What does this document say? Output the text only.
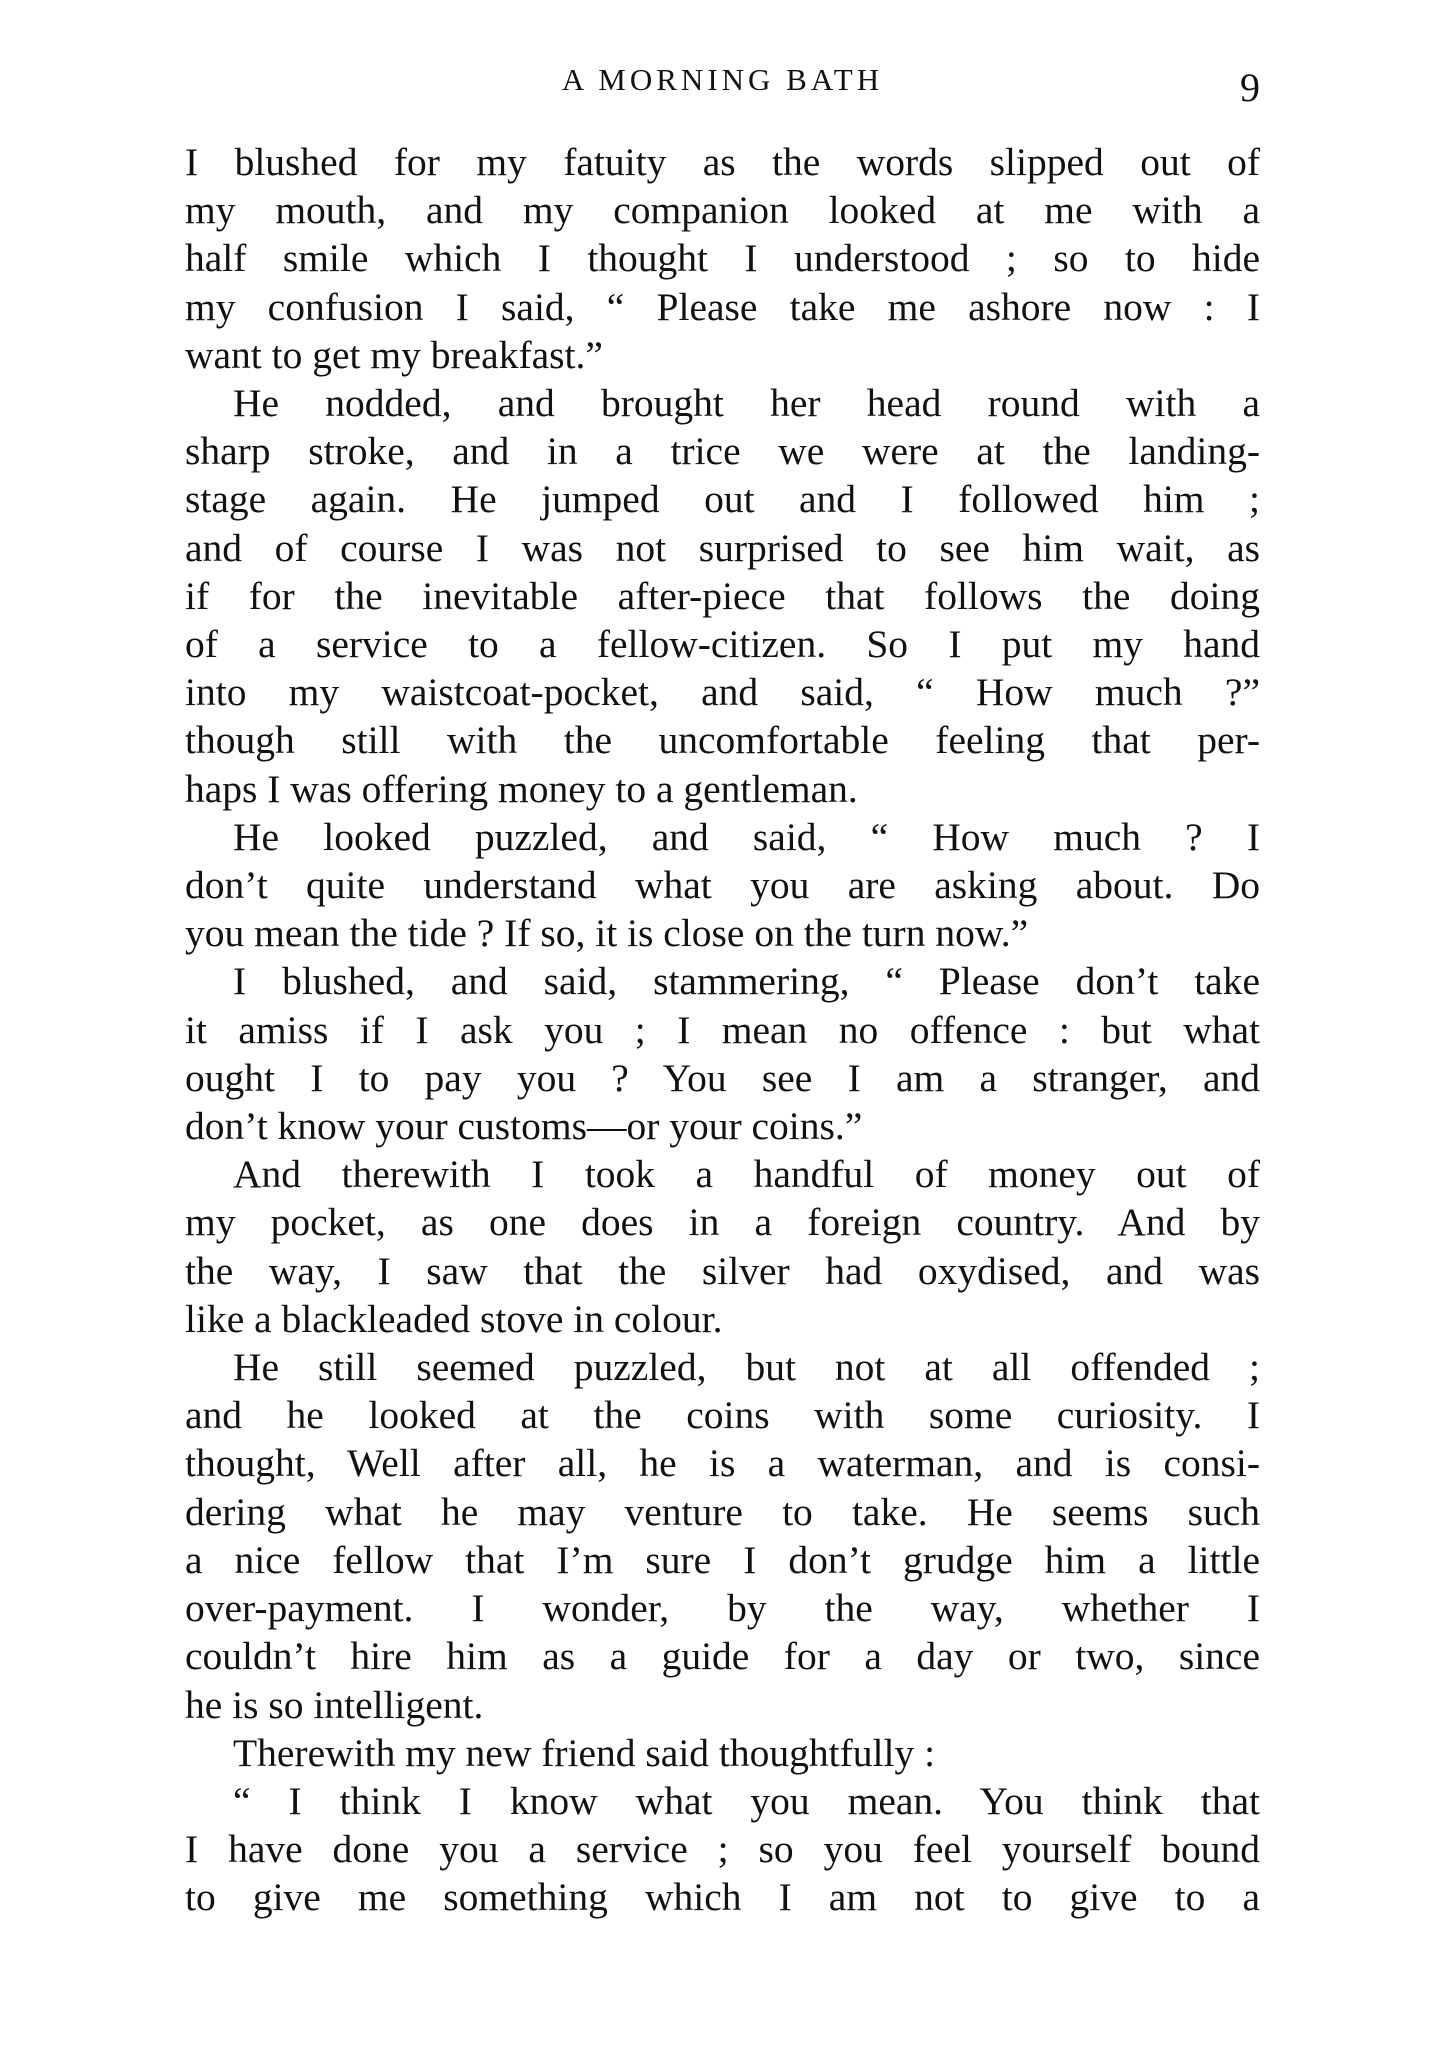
A MORNING BATH	9
I blushed for my fatuity as the words slipped out of
my mouth, and my companion looked at me with a
half smile which I thought I understood ; so to hide
my confusion I said, “ Please take me ashore now : I
want to get my breakfast.”
He nodded, and brought her head round with a
sharp stroke, and in a trice we were at the landing-
stage again. He jumped out and I followed him ;
and of course I was not surprised to see him wait, as
if for the inevitable after-piece that follows the doing
of a service to a fellow-citizen. So I put my hand
into my waistcoat-pocket, and said, “ How much ?”
though still with the uncomfortable feeling that per-
haps I was offering money to a gentleman.
He looked puzzled, and said, “ How much ? I
don’t quite understand what you are asking about. Do
you mean the tide ? If so, it is close on the turn now.”
I blushed, and said, stammering, “ Please don’t take
it amiss if I ask you ; I mean no offence : but what
ought I to pay you ? You see I am a stranger, and
don’t know your customs—or your coins.”
And therewith I took a handful of money out of
my pocket, as one does in a foreign country. And by
the way, I saw that the silver had oxydised, and was
like a blackleaded stove in colour.
He still seemed puzzled, but not at all offended ;
and he looked at the coins with some curiosity. I
thought, Well after all, he is a waterman, and is consi-
dering what he may venture to take. He seems such
a nice fellow that I’m sure I don’t grudge him a little
over-payment. I wonder, by the way, whether I
couldn’t hire him as a guide for a day or two, since
he is so intelligent.
Therewith my new friend said thoughtfully :
“ I think I know what you mean. You think that
I have done you a service ; so you feel yourself bound
to give me something which I am not to give to a
